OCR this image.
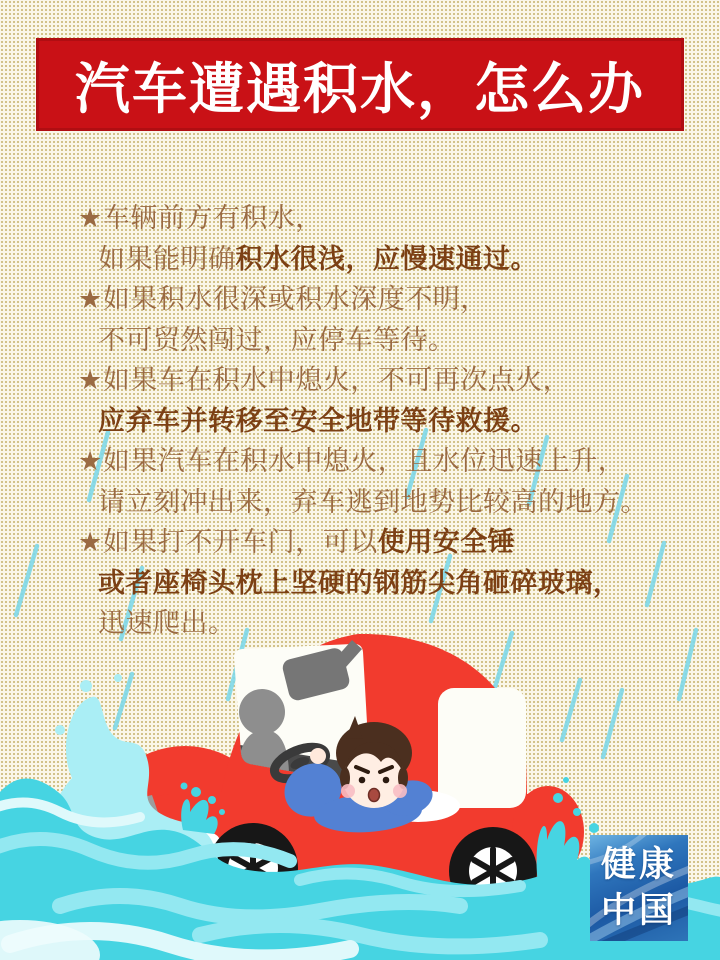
汽车遭遇积水，怎么办
★车辆前方有积水，
如果能明确积水很浅，应慢速通过。
★如果积水很深或积水深度不明，
不可贸然闯过，应停车等待。
★如果车在积水中熄火，不可再次点火，
应弃车并转移至安全地带等待救援。
★如果汽车在积水中熄火，且水位迅速上升，
请立刻冲出来，弃车逃到地势比较高的地方。
★如果打不开车门，可以使用安全锤
或者座椅头枕上坚硬的钢筋尖角砸碎玻璃，
迅速爬出。
健康
中国
